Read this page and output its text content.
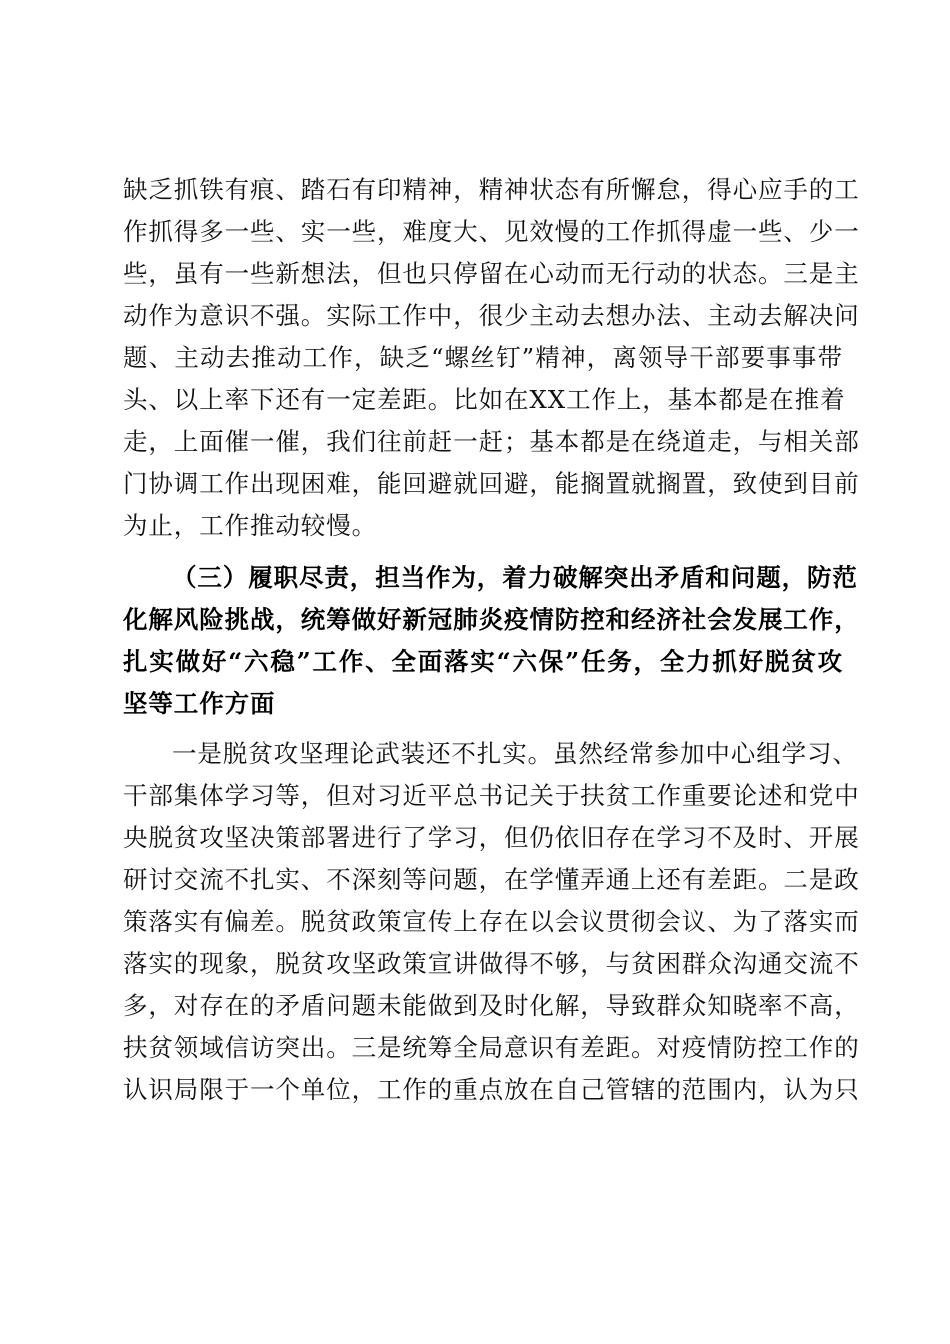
缺乏抓铁有痕、踏石有印精神，精神状态有所懈怠，得心应手的工
作抓得多一些、实一些，难度大、见效慢的工作抓得虚一些、少一
些，虽有一些新想法，但也只停留在心动而无行动的状态。三是主
动作为意识不强。实际工作中，很少主动去想办法、主动去解决问
题、主动去推动工作，缺乏“螺丝钉”精神，离领导干部要事事带
头、以上率下还有一定差距。比如在XX工作上，基本都是在推着
走，上面催一催，我们往前赶一赶；基本都是在绕道走，与相关部
门协调工作出现困难，能回避就回避，能搁置就搁置，致使到目前
为止，工作推动较慢。
（三）履职尽责，担当作为，着力破解突出矛盾和问题，防范
化解风险挑战，统筹做好新冠肺炎疫情防控和经济社会发展工作，
扎实做好“六稳”工作、全面落实“六保”任务，全力抓好脱贫攻
坚等工作方面
一是脱贫攻坚理论武装还不扎实。虽然经常参加中心组学习、
干部集体学习等，但对习近平总书记关于扶贫工作重要论述和党中
央脱贫攻坚决策部署进行了学习，但仍依旧存在学习不及时、开展
研讨交流不扎实、不深刻等问题，在学懂弄通上还有差距。二是政
策落实有偏差。脱贫政策宣传上存在以会议贯彻会议、为了落实而
落实的现象，脱贫攻坚政策宣讲做得不够，与贫困群众沟通交流不
多，对存在的矛盾问题未能做到及时化解，导致群众知晓率不高，
扶贫领域信访突出。三是统筹全局意识有差距。对疫情防控工作的
认识局限于一个单位，工作的重点放在自己管辖的范围内，认为只
